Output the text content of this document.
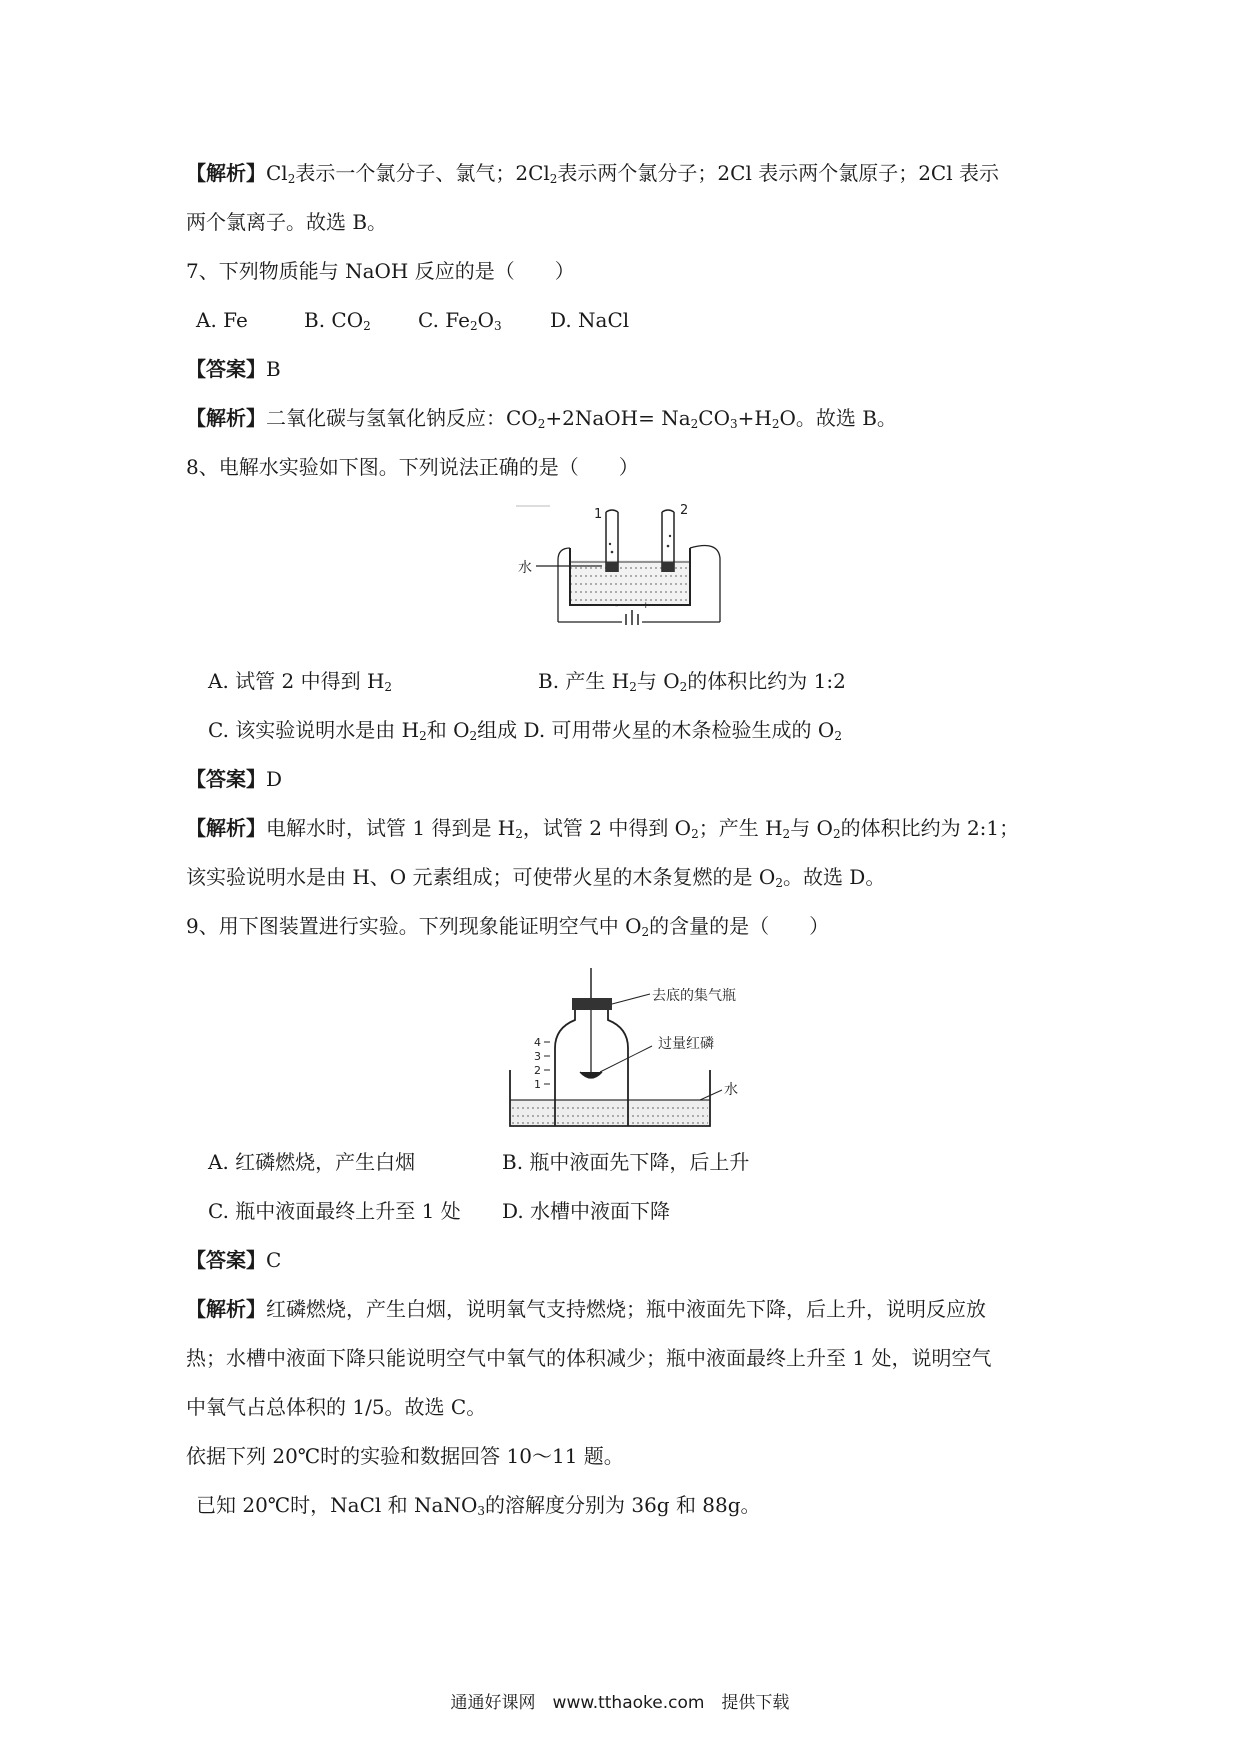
【解析】$Cl_2$表示一个氯分子、氯气；$2Cl_2$表示两个氯分子；2Cl 表示两个氯原子；2Cl 表示
两个氯离子。故选 B。
7、下列物质能与 NaOH 反应的是（　　）
A. Fe	B. $CO_2$ C. $Fe_2O_3$ D. NaCl
【答案】B
【解析】二氧化碳与氢氧化钠反应：$CO_2+2NaOH= Na_2CO_3+H_2O$。故选 B。
8、电解水实验如下图。下列说法正确的是（　　）
1	2
-	+
水
A. 试管 2 中得到 $H_2$	B. 产生 $H_2$与 $O_2$的体积比约为 1:2
C. 该实验说明水是由 $H_2$和 $O_2$组成 D. 可用带火星的木条检验生成的 $O_2$
【答案】D
【解析】电解水时，试管 1 得到是 $H_2$，试管 2 中得到 $O_2$；产生 $H_2$与 $O_2$的体积比约为 2:1；
该实验说明水是由 H、O 元素组成；可使带火星的木条复燃的是 $O_2$。故选 D。
9、用下图装置进行实验。下列现象能证明空气中 $O_2$的含量的是（　　）
4
3
2
1
去底的集气瓶
过量红磷
水
A. 红磷燃烧，产生白烟	B. 瓶中液面先下降，后上升
C. 瓶中液面最终上升至 1 处 D. 水槽中液面下降
【答案】C
【解析】红磷燃烧，产生白烟，说明氧气支持燃烧；瓶中液面先下降，后上升，说明反应放
热；水槽中液面下降只能说明空气中氧气的体积减少；瓶中液面最终上升至 1 处，说明空气
中氧气占总体积的 1/5。故选 C。
依据下列 20℃时的实验和数据回答 10～11 题。
已知 20℃时，NaCl 和 NaNO$_3$的溶解度分别为 36g 和 88g。
通通好课网　www.tthaoke.com　提供下载
